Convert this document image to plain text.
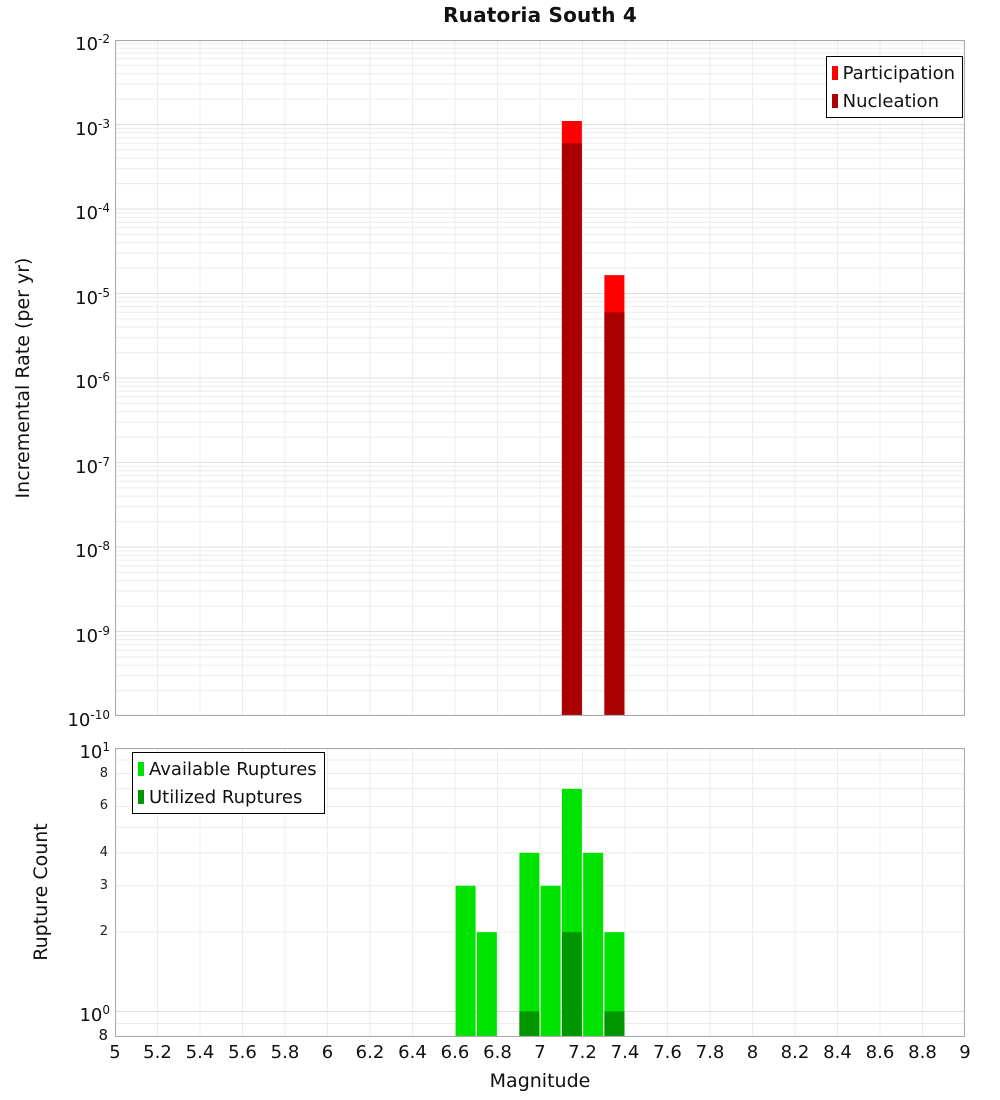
Ruatoria South 4
Incremental Rate (per yr)
Rupture Count
Magnitude
Participation
Nucleation
Available Ruptures
Utilized Ruptures
5	5.2 5.4 5.6 5.8	6	6.2 6.4 6.6 6.8	7	7.2 7.4 7.6 7.8	8	8.2 8.4 8.6 8.8	9
$10^{-2}$
$10^{-3}$
$10^{-4}$
$10^{-5}$
$10^{-6}$
$10^{-7}$
$10^{-8}$
$10^{-9}$
$10^{-10}$
$10^1$
$10^0$
8
6
4
3
2
8
